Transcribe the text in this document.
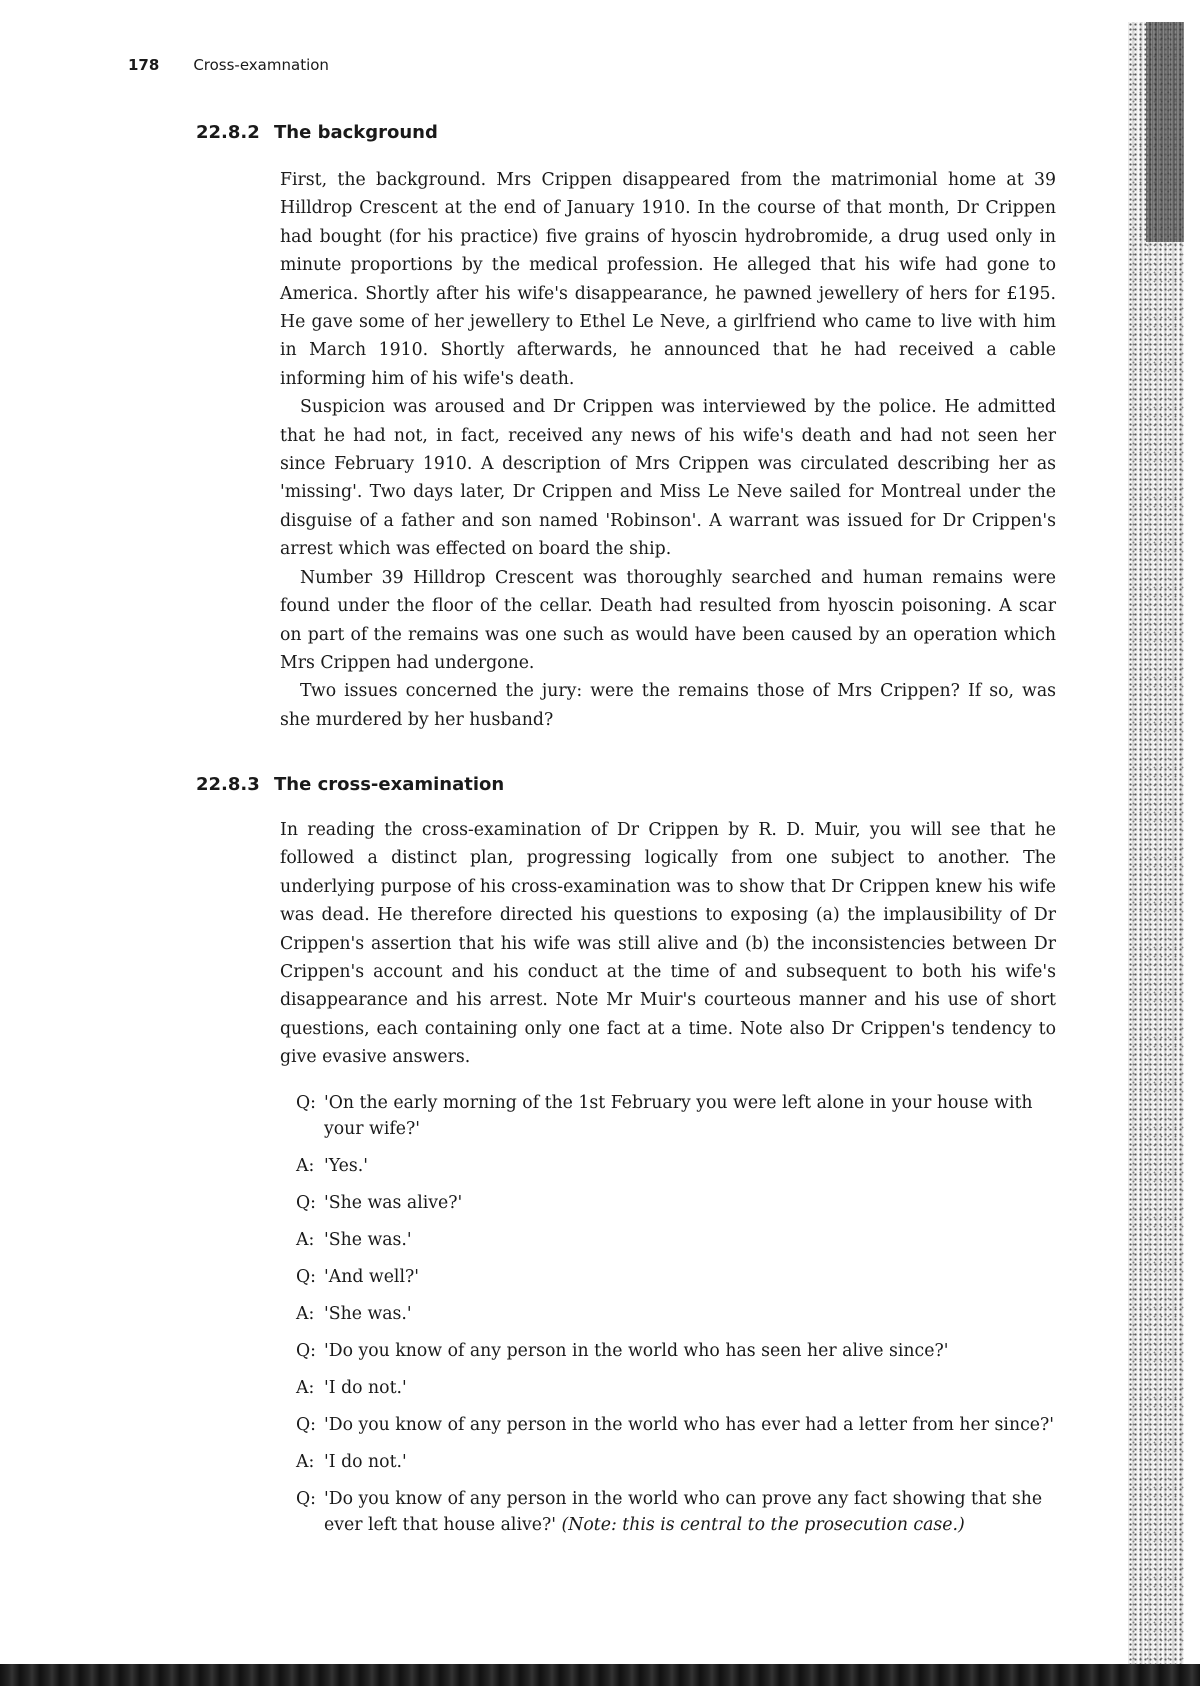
178 Cross-examnation
22.8.2 The background

First, the background. Mrs Crippen disappeared from the matrimonial home at 39 Hilldrop Crescent at the end of January 1910. In the course of that month, Dr Crippen had bought (for his practice) five grains of hyoscin hydrobromide, a drug used only in minute proportions by the medical profession. He alleged that his wife had gone to America. Shortly after his wife's disappearance, he pawned jewellery of hers for £195. He gave some of her jewellery to Ethel Le Neve, a girlfriend who came to live with him in March 1910. Shortly afterwards, he announced that he had received a cable informing him of his wife's death.

Suspicion was aroused and Dr Crippen was interviewed by the police. He admitted that he had not, in fact, received any news of his wife's death and had not seen her since February 1910. A description of Mrs Crippen was circulated describing her as 'missing'. Two days later, Dr Crippen and Miss Le Neve sailed for Montreal under the disguise of a father and son named 'Robinson'. A warrant was issued for Dr Crippen's arrest which was effected on board the ship.

Number 39 Hilldrop Crescent was thoroughly searched and human remains were found under the floor of the cellar. Death had resulted from hyoscin poisoning. A scar on part of the remains was one such as would have been caused by an operation which Mrs Crippen had undergone.

Two issues concerned the jury: were the remains those of Mrs Crippen? If so, was she murdered by her husband?

22.8.3 The cross-examination

In reading the cross-examination of Dr Crippen by R. D. Muir, you will see that he followed a distinct plan, progressing logically from one subject to another. The underlying purpose of his cross-examination was to show that Dr Crippen knew his wife was dead. He therefore directed his questions to exposing (a) the implausibility of Dr Crippen's assertion that his wife was still alive and (b) the inconsistencies between Dr Crippen's account and his conduct at the time of and subsequent to both his wife's disappearance and his arrest. Note Mr Muir's courteous manner and his use of short questions, each containing only one fact at a time. Note also Dr Crippen's tendency to give evasive answers.

Q: 'On the early morning of the 1st February you were left alone in your house with your wife?'
A: 'Yes.'
Q: 'She was alive?'
A: 'She was.'
Q: 'And well?'
A: 'She was.'
Q: 'Do you know of any person in the world who has seen her alive since?'
A: 'I do not.'
Q: 'Do you know of any person in the world who has ever had a letter from her since?'
A: 'I do not.'
Q: 'Do you know of any person in the world who can prove any fact showing that she ever left that house alive?' (Note: this is central to the prosecution case.)
